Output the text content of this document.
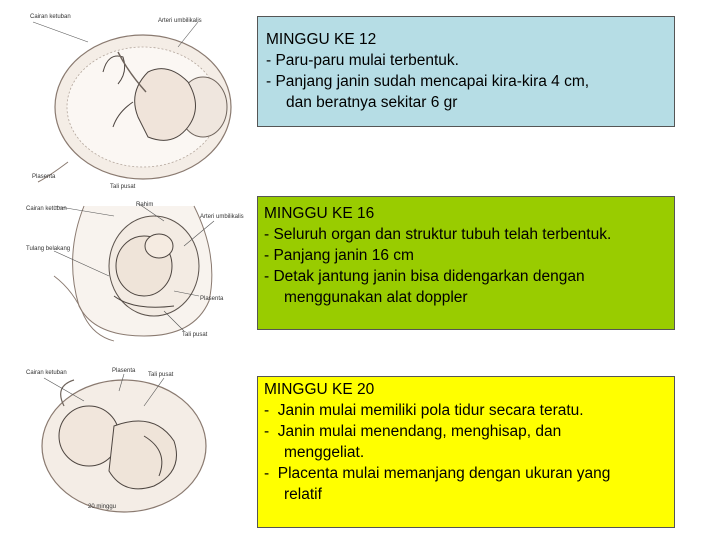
Cairan ketuban
Arteri umbilikalis
Plasenta
Tali pusat
Cairan ketuban
Rahim
Arteri umbilikalis
Tulang belakang
Plasenta
Tali pusat
Cairan ketuban	Plasenta
Tali pusat
20 minggu
MINGGU KE 12
- Paru-paru mulai terbentuk.
- Panjang janin sudah mencapai kira-kira 4 cm,
dan beratnya sekitar 6 gr
MINGGU KE 16
- Seluruh organ dan struktur tubuh telah terbentuk.
- Panjang janin 16 cm
- Detak jantung janin bisa didengarkan dengan
menggunakan alat doppler
MINGGU KE 20
-  Janin mulai memiliki pola tidur secara teratu.
-  Janin mulai menendang, menghisap, dan
menggeliat.
-  Placenta mulai memanjang dengan ukuran yang
relatif
